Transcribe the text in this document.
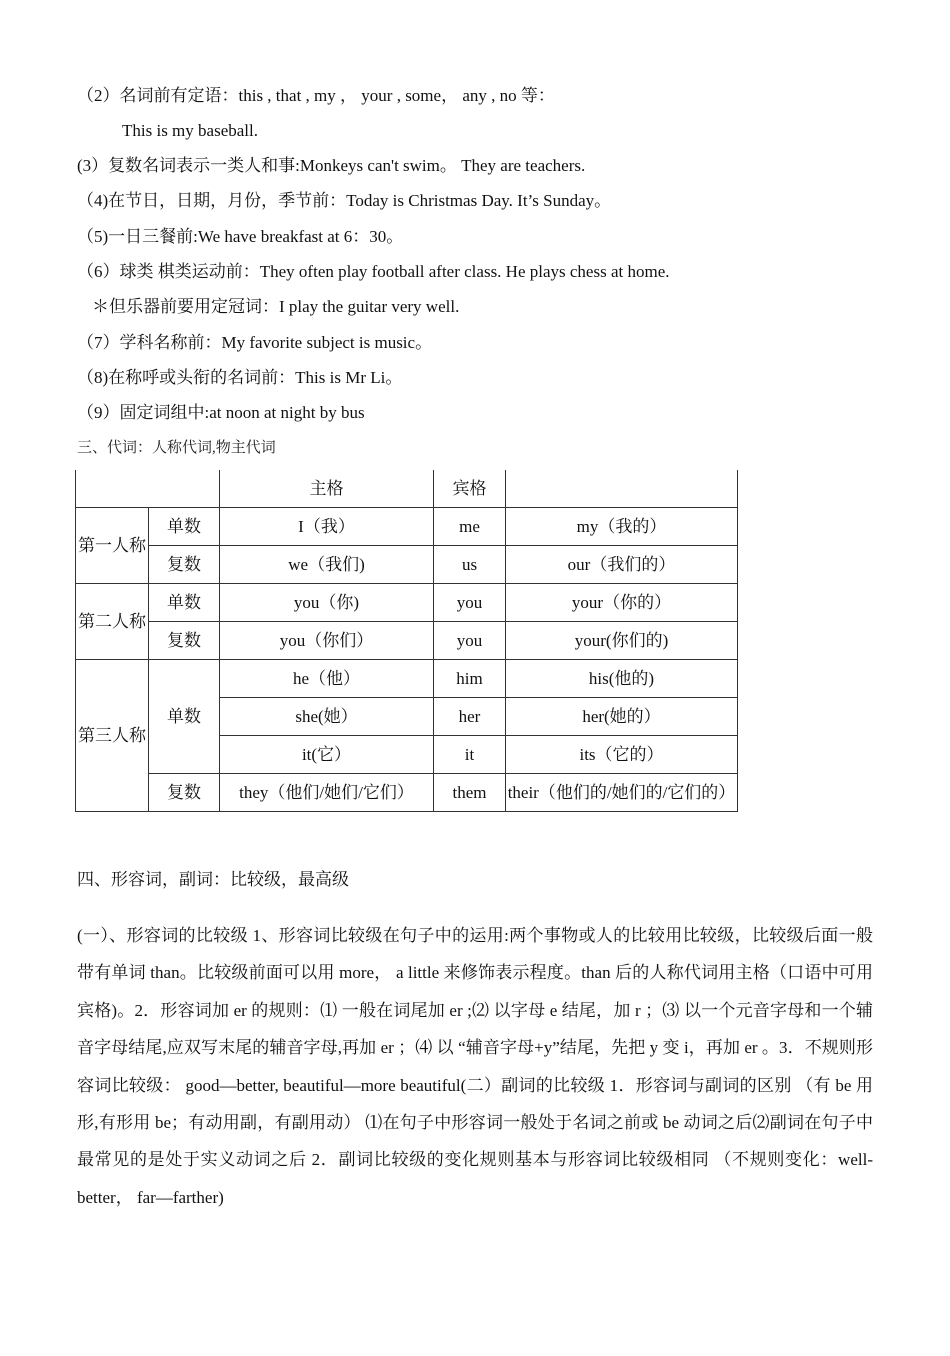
（2）名词前有定语：this , that , my ， your , some， any , no 等：
This is my baseball.
(3）复数名词表示一类人和事:Monkeys can't swim。 They are teachers.
（4)在节日，日期，月份，季节前：Today is Christmas Day. It’s Sunday。
（5)一日三餐前:We have breakfast at 6：30。
（6）球类 棋类运动前：They often play football after class. He plays chess at home.
＊但乐器前要用定冠词：I play the guitar very well.
（7）学科名称前：My favorite subject is music。
（8)在称呼或头衔的名词前：This is Mr Li。
（9）固定词组中:at noon at night by bus
三、代词：人称代词,物主代词
		主格	宾格	
第一人称	单数	I（我）	me	my（我的）
	复数	we（我们)	us	our（我们的）
第二人称	单数	you（你)	you	your（你的）
	复数	you（你们）	you	your(你们的)
第三人称	单数	he（他）	him	his(他的)
		she(她）	her	her(她的）
		it(它）	it	its（它的）
	复数	they（他们/她们/它们）	them	their（他们的/她们的/它们的）
四、形容词，副词：比较级，最高级
(一）、形容词的比较级 1、形容词比较级在句子中的运用:两个事物或人的比较用比较级，比较级后面一般带有单词 than。比较级前面可以用 more， a little 来修饰表示程度。than 后的人称代词用主格（口语中可用宾格)。2．形容词加 er 的规则：⑴ 一般在词尾加 er ;⑵ 以字母 e 结尾，加 r ；⑶ 以一个元音字母和一个辅音字母结尾,应双写末尾的辅音字母,再加 er ；⑷ 以 “辅音字母+y”结尾，先把 y 变 i，再加 er 。3．不规则形容词比较级： good—better, beautiful—more beautiful(二）副词的比较级 1．形容词与副词的区别 （有 be 用形,有形用 be；有动用副，有副用动） ⑴在句子中形容词一般处于名词之前或 be 动词之后⑵副词在句子中最常见的是处于实义动词之后 2．副词比较级的变化规则基本与形容词比较级相同 （不规则变化：well-better， far—farther)
